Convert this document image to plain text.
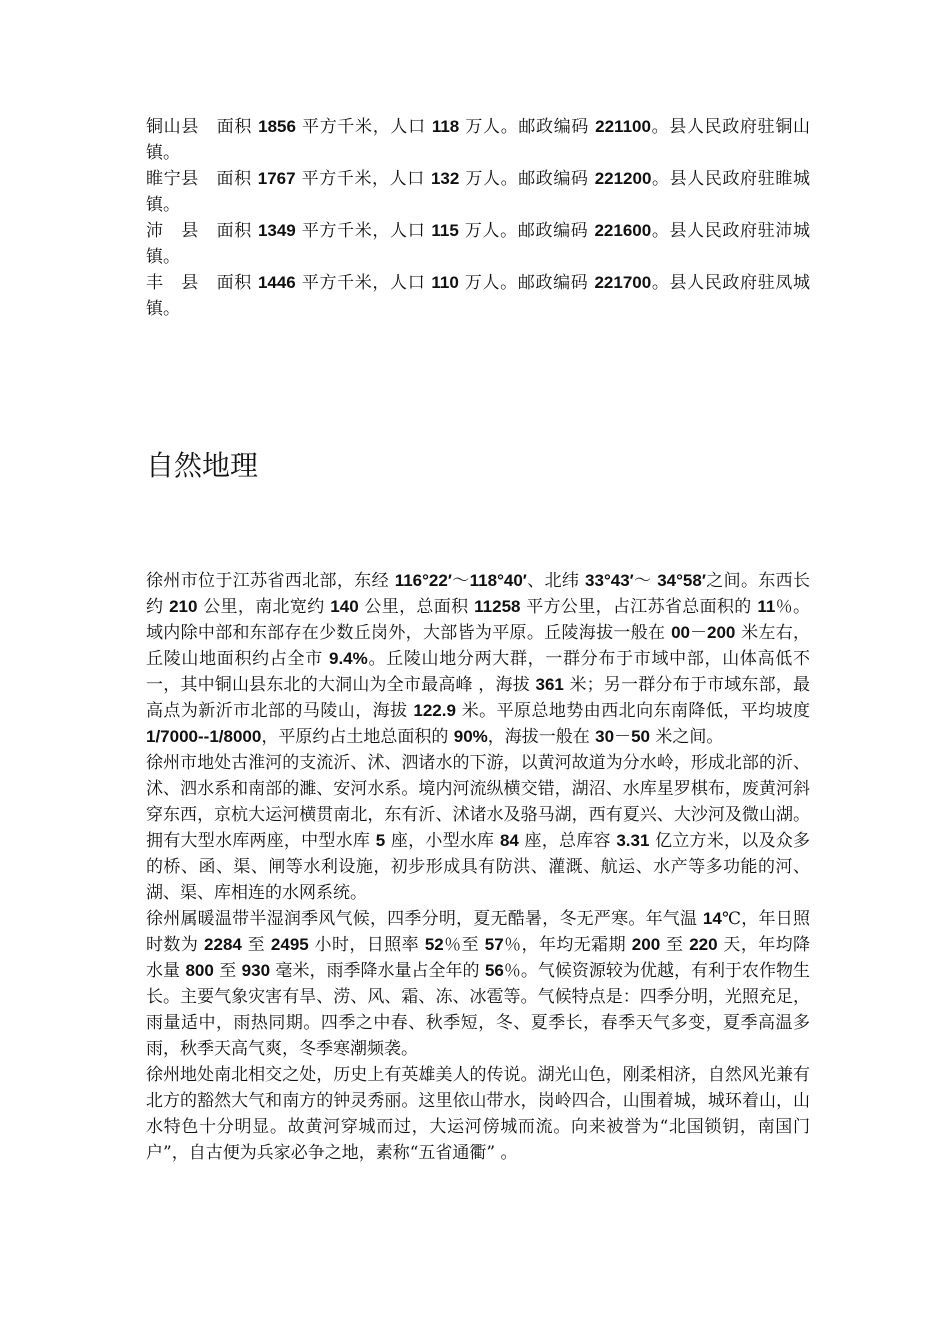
铜山县　面积 1856 平方千米，人口 118 万人。邮政编码 221100。县人民政府驻铜山镇。

睢宁县　面积 1767 平方千米，人口 132 万人。邮政编码 221200。县人民政府驻睢城镇。

沛　县　面积 1349 平方千米，人口 115 万人。邮政编码 221600。县人民政府驻沛城镇。

丰　县　面积 1446 平方千米，人口 110 万人。邮政编码 221700。县人民政府驻凤城镇。

自然地理

徐州市位于江苏省西北部，东经 116°22′～118°40′、北纬 33°43′～ 34°58′之间。东西长约 210 公里，南北宽约 140 公里，总面积 11258 平方公里，占江苏省总面积的 11％。域内除中部和东部存在少数丘岗外，大部皆为平原。丘陵海拔一般在 00－200 米左右，丘陵山地面积约占全市 9.4%。丘陵山地分两大群，一群分布于市域中部，山体高低不一，其中铜山县东北的大洞山为全市最高峰 ，海拔 361 米；另一群分布于市域东部，最高点为新沂市北部的马陵山，海拔 122.9 米。平原总地势由西北向东南降低，平均坡度 1/7000--1/8000，平原约占土地总面积的 90%，海拔一般在 30－50 米之间。

徐州市地处古淮河的支流沂、沭、泗诸水的下游，以黄河故道为分水岭，形成北部的沂、沭、泗水系和南部的濉、安河水系。境内河流纵横交错，湖沼、水库星罗棋布，废黄河斜穿东西，京杭大运河横贯南北，东有沂、沭诸水及骆马湖，西有夏兴、大沙河及微山湖。 拥有大型水库两座，中型水库 5 座，小型水库 84 座，总库容 3.31 亿立方米，以及众多的桥、函、渠、闸等水利设施，初步形成具有防洪、灌溉、航运、水产等多功能的河、湖、渠、库相连的水网系统。

徐州属暖温带半湿润季风气候，四季分明，夏无酷暑，冬无严寒。年气温 14℃，年日照时数为 2284 至 2495 小时，日照率 52％至 57％，年均无霜期 200 至 220 天，年均降水量 800 至 930 毫米，雨季降水量占全年的 56％。气候资源较为优越，有利于农作物生长。主要气象灾害有旱、涝、风、霜、冻、冰雹等。气候特点是：四季分明，光照充足，雨量适中，雨热同期。四季之中春、秋季短，冬、夏季长，春季天气多变，夏季高温多雨，秋季天高气爽，冬季寒潮频袭。

徐州地处南北相交之处，历史上有英雄美人的传说。湖光山色，刚柔相济，自然风光兼有北方的豁然大气和南方的钟灵秀丽。这里依山带水，岗岭四合，山围着城，城环着山，山水特色十分明显。故黄河穿城而过，大运河傍城而流。向来被誉为“北国锁钥，南国门户”，自古便为兵家必争之地，素称“五省通衢” 。
